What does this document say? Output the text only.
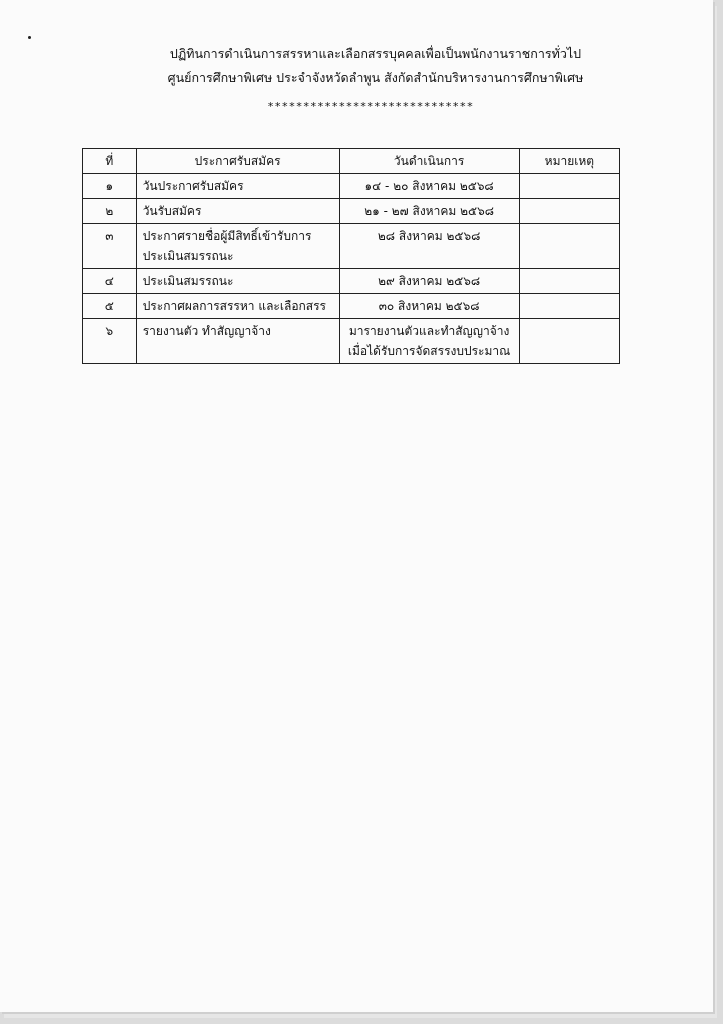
ปฏิทินการดำเนินการสรรหาและเลือกสรรบุคคลเพื่อเป็นพนักงานราชการทั่วไป
ศูนย์การศึกษาพิเศษ ประจำจังหวัดลำพูน สังกัดสำนักบริหารงานการศึกษาพิเศษ
*****************************
ที่	ประกาศรับสมัคร	วันดำเนินการ	หมายเหตุ
๑	วันประกาศรับสมัคร	๑๔ - ๒๐ สิงหาคม ๒๕๖๘	
๒	วันรับสมัคร	๒๑ - ๒๗ สิงหาคม ๒๕๖๘	
๓	ประกาศรายชื่อผู้มีสิทธิ์เข้ารับการประเมินสมรรถนะ	๒๘ สิงหาคม ๒๕๖๘	
๔	ประเมินสมรรถนะ	๒๙ สิงหาคม ๒๕๖๘	
๕	ประกาศผลการสรรหา และเลือกสรร	๓๐ สิงหาคม ๒๕๖๘	
๖	รายงานตัว ทำสัญญาจ้าง	มารายงานตัวและทำสัญญาจ้างเมื่อได้รับการจัดสรรงบประมาณ	
